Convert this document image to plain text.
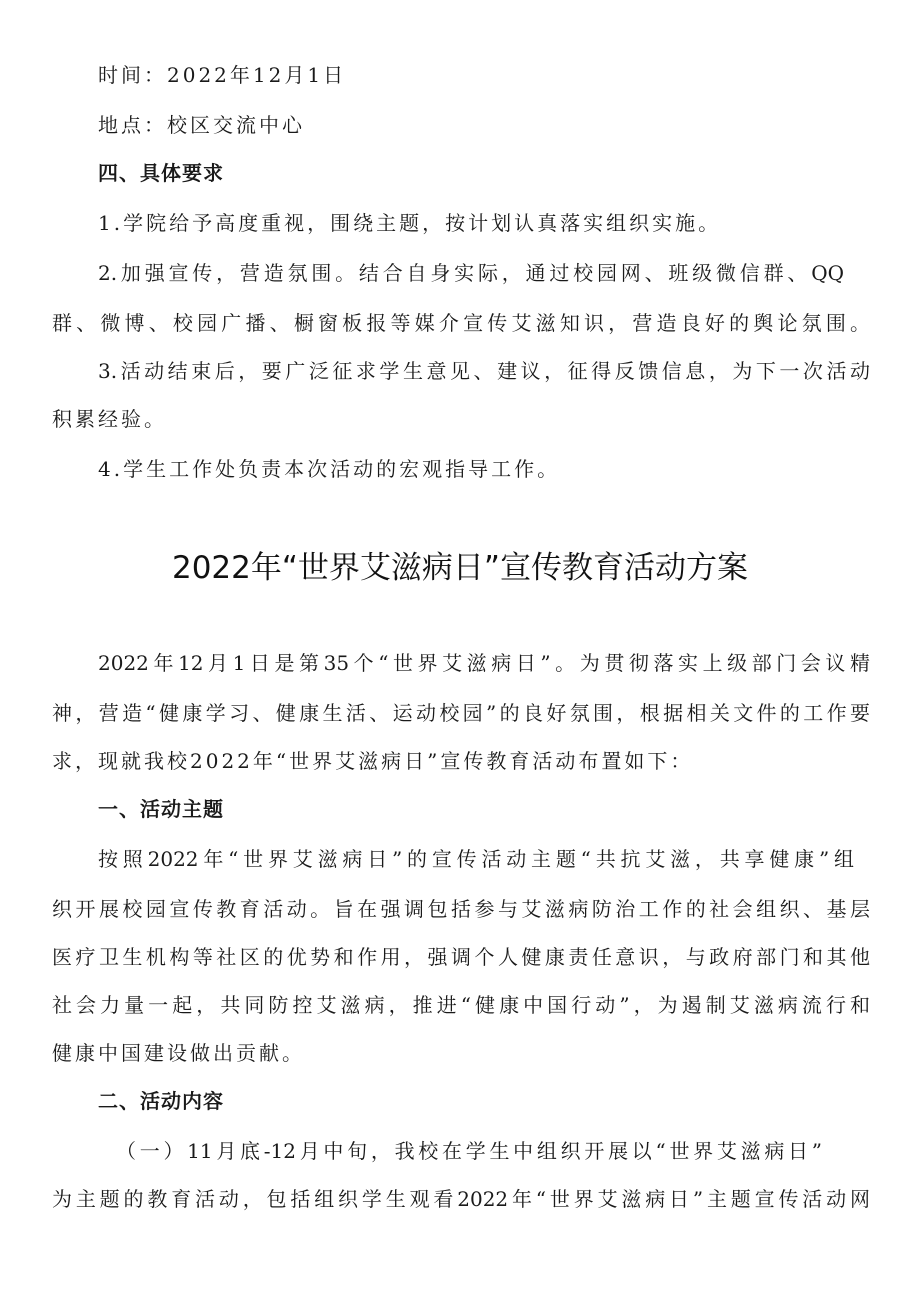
时间：2022年12月1日
地点：校区交流中心
四、具体要求
1.学院给予高度重视，围绕主题，按计划认真落实组织实施。
2.加强宣传，营造氛围。结合自身实际，通过校园网、班级微信群、QQ
群、微博、校园广播、橱窗板报等媒介宣传艾滋知识，营造良好的舆论氛围。
3.活动结束后，要广泛征求学生意见、建议，征得反馈信息，为下一次活动
积累经验。
4.学生工作处负责本次活动的宏观指导工作。
2022年“世界艾滋病日”宣传教育活动方案
2022年12月1日是第35个“世界艾滋病日”。为贯彻落实上级部门会议精
神，营造“健康学习、健康生活、运动校园”的良好氛围，根据相关文件的工作要
求，现就我校2022年“世界艾滋病日”宣传教育活动布置如下：
一、活动主题
按照2022年“世界艾滋病日”的宣传活动主题“共抗艾滋，共享健康”组
织开展校园宣传教育活动。旨在强调包括参与艾滋病防治工作的社会组织、基层
医疗卫生机构等社区的优势和作用，强调个人健康责任意识，与政府部门和其他
社会力量一起，共同防控艾滋病，推进“健康中国行动”，为遏制艾滋病流行和
健康中国建设做出贡献。
二、活动内容
（一）11月底-12月中旬，我校在学生中组织开展以“世界艾滋病日”
为主题的教育活动，包括组织学生观看2022年“世界艾滋病日”主题宣传活动网
